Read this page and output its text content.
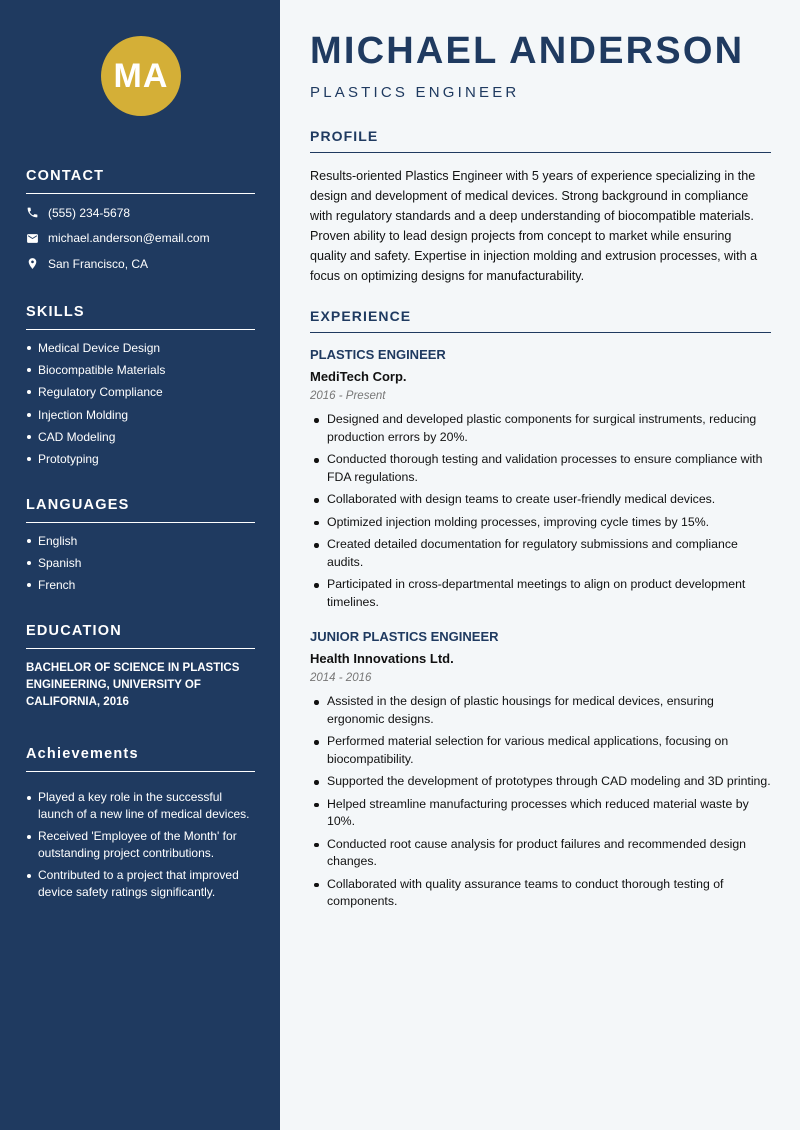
MA
CONTACT
(555) 234-5678
michael.anderson@email.com
San Francisco, CA
SKILLS
Medical Device Design
Biocompatible Materials
Regulatory Compliance
Injection Molding
CAD Modeling
Prototyping
LANGUAGES
English
Spanish
French
EDUCATION
BACHELOR OF SCIENCE IN PLASTICS ENGINEERING, UNIVERSITY OF CALIFORNIA, 2016
Achievements
Played a key role in the successful launch of a new line of medical devices.
Received 'Employee of the Month' for outstanding project contributions.
Contributed to a project that improved device safety ratings significantly.
MICHAEL ANDERSON
PLASTICS ENGINEER
PROFILE
Results-oriented Plastics Engineer with 5 years of experience specializing in the design and development of medical devices. Strong background in compliance with regulatory standards and a deep understanding of biocompatible materials. Proven ability to lead design projects from concept to market while ensuring quality and safety. Expertise in injection molding and extrusion processes, with a focus on optimizing designs for manufacturability.
EXPERIENCE
PLASTICS ENGINEER
MediTech Corp.
2016 - Present
Designed and developed plastic components for surgical instruments, reducing production errors by 20%.
Conducted thorough testing and validation processes to ensure compliance with FDA regulations.
Collaborated with design teams to create user-friendly medical devices.
Optimized injection molding processes, improving cycle times by 15%.
Created detailed documentation for regulatory submissions and compliance audits.
Participated in cross-departmental meetings to align on product development timelines.
JUNIOR PLASTICS ENGINEER
Health Innovations Ltd.
2014 - 2016
Assisted in the design of plastic housings for medical devices, ensuring ergonomic designs.
Performed material selection for various medical applications, focusing on biocompatibility.
Supported the development of prototypes through CAD modeling and 3D printing.
Helped streamline manufacturing processes which reduced material waste by 10%.
Conducted root cause analysis for product failures and recommended design changes.
Collaborated with quality assurance teams to conduct thorough testing of components.
